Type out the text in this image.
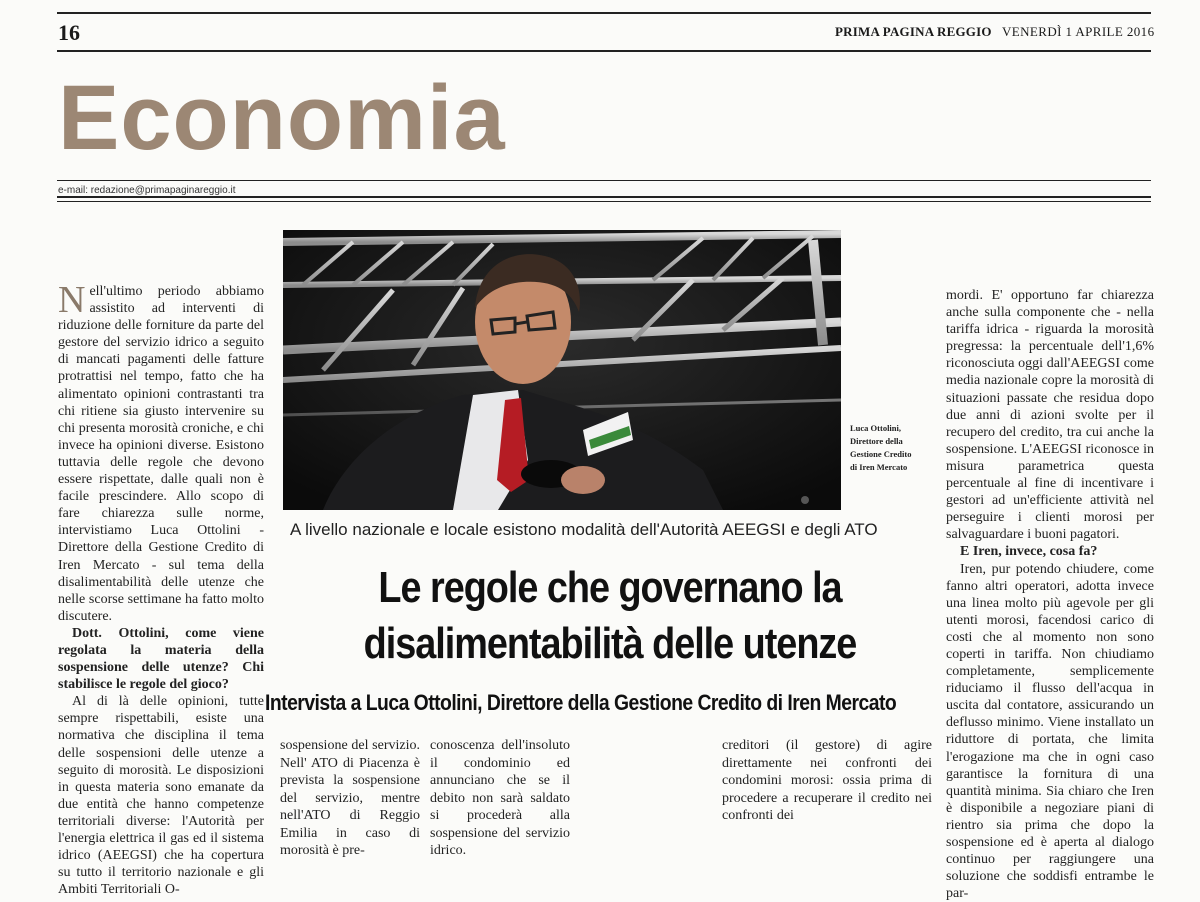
16	PRIMA PAGINA REGGIO VENERDÌ 1 APRILE 2016
Economia
e-mail: redazione@primapaginareggio.it

Nell'ultimo periodo abbiamo assistito ad interventi di riduzione delle forniture da parte del gestore del servizio idrico a seguito di mancati pagamenti delle fatture protrattisi nel tempo, fatto che ha alimentato opinioni contrastanti tra chi ritiene sia giusto intervenire su chi presenta morosità croniche, e chi invece ha opinioni diverse. Esistono tuttavia delle regole che devono essere rispettate, dalle quali non è facile prescindere. Allo scopo di fare chiarezza sulle norme, intervistiamo Luca Ottolini - Direttore della Gestione Credito di Iren Mercato - sul tema della disalimentabilità delle utenze che nelle scorse settimane ha fatto molto discutere.

Dott. Ottolini, come viene regolata la materia della sospensione delle utenze? Chi stabilisce le regole del gioco?

Al di là delle opinioni, tutte sempre rispettabili, esiste una normativa che disciplina il tema delle sospensioni delle utenze a seguito di morosità. Le disposizioni in questa materia sono emanate da due entità che hanno competenze territoriali diverse: l'Autorità per l'energia elettrica il gas ed il sistema idrico (AEEGSI) che ha copertura su tutto il territorio nazionale e gli Ambiti Territoriali O-

Luca Ottolini,
Direttore della
Gestione Credito
di Iren Mercato

mordi. E' opportuno far chiarezza anche sulla componente che - nella tariffa idrica - riguarda la morosità pregressa: la percentuale dell'1,6% riconosciuta oggi dall'AEEGSI come media nazionale copre la morosità di situazioni passate che residua dopo due anni di azioni svolte per il recupero del credito, tra cui anche la sospensione. L'AEEGSI riconosce in misura parametrica questa percentuale al fine di incentivare i gestori ad un'efficiente attività nel perseguire i clienti morosi per salvaguardare i buoni pagatori.

E Iren, invece, cosa fa?

Iren, pur potendo chiudere, come fanno altri operatori, adotta invece una linea molto più agevole per gli utenti morosi, facendosi carico di costi che al momento non sono coperti in tariffa. Non chiudiamo completamente, semplicemente riduciamo il flusso dell'acqua in uscita dal contatore, assicurando un deflusso minimo. Viene installato un riduttore di portata, che limita l'erogazione ma che in ogni caso garantisce la fornitura di una quantità minima. Sia chiaro che Iren è disponibile a negoziare piani di rientro sia prima che dopo la sospensione ed è aperta al dialogo continuo per raggiungere una soluzione che soddisfi entrambe le par-

A livello nazionale e locale esistono modalità dell'Autorità AEEGSI e degli ATO
Le regole che governano la
disalimentabilità delle utenze
Intervista a Luca Ottolini, Direttore della Gestione Credito di Iren Mercato
sospensione del servizio. Nell' ATO di Piacenza è prevista la sospensione del servizio, mentre nell'ATO di Reggio Emilia in caso di morosità è pre-
conoscenza dell'insoluto il condominio ed annunciano che se il debito non sarà saldato si procederà alla sospensione del servizio idrico.
creditori (il gestore) di agire direttamente nei confronti dei condomini morosi: ossia prima di procedere a recuperare il credito nei confronti dei
